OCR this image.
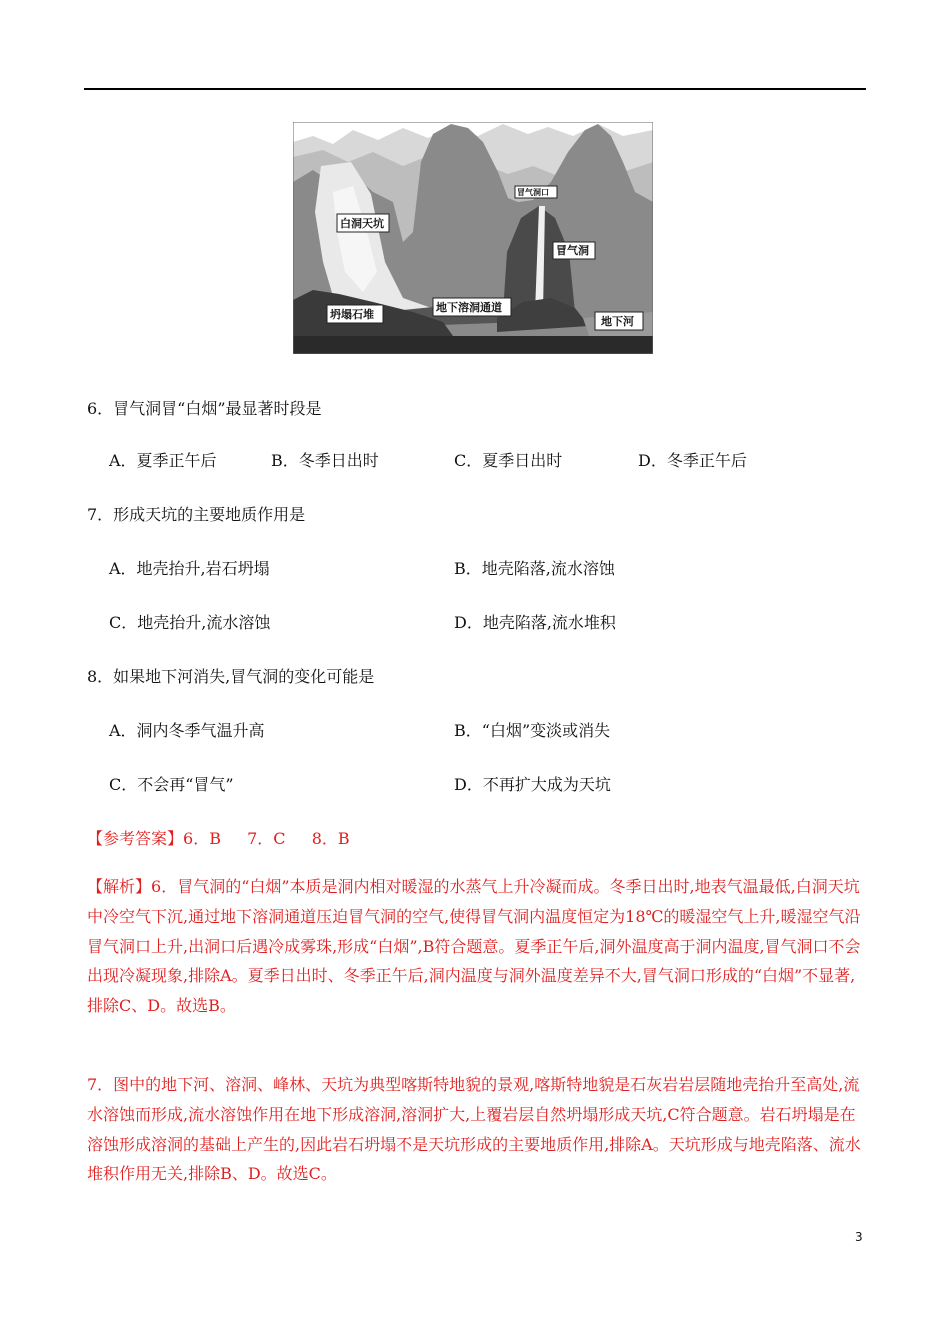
白洞天坑
冒气洞口
冒气洞
坍塌石堆
地下溶洞通道
地下河
6．冒气洞冒“白烟”最显著时段是
A．夏季正午后	B．冬季日出时	C．夏季日出时	D．冬季正午后
7．形成天坑的主要地质作用是
A．地壳抬升,岩石坍塌	B．地壳陷落,流水溶蚀
C．地壳抬升,流水溶蚀	D．地壳陷落,流水堆积
8．如果地下河消失,冒气洞的变化可能是
A．洞内冬季气温升高	B．“白烟”变淡或消失
C．不会再“冒气”	D．不再扩大成为天坑
【参考答案】6．B 　 7．C 　 8．B
【解析】6．冒气洞的“白烟”本质是洞内相对暖湿的水蒸气上升冷凝而成。冬季日出时,地表气温最低,白洞天坑中冷空气下沉,通过地下溶洞通道压迫冒气洞的空气,使得冒气洞内温度恒定为18℃的暖湿空气上升,暖湿空气沿冒气洞口上升,出洞口后遇冷成雾珠,形成“白烟”,B符合题意。夏季正午后,洞外温度高于洞内温度,冒气洞口不会出现冷凝现象,排除A。夏季日出时、冬季正午后,洞内温度与洞外温度差异不大,冒气洞口形成的“白烟”不显著,排除C、D。故选B。
7．图中的地下河、溶洞、峰林、天坑为典型喀斯特地貌的景观,喀斯特地貌是石灰岩岩层随地壳抬升至高处,流水溶蚀而形成,流水溶蚀作用在地下形成溶洞,溶洞扩大,上覆岩层自然坍塌形成天坑,C符合题意。岩石坍塌是在溶蚀形成溶洞的基础上产生的,因此岩石坍塌不是天坑形成的主要地质作用,排除A。天坑形成与地壳陷落、流水堆积作用无关,排除B、D。故选C。
3
